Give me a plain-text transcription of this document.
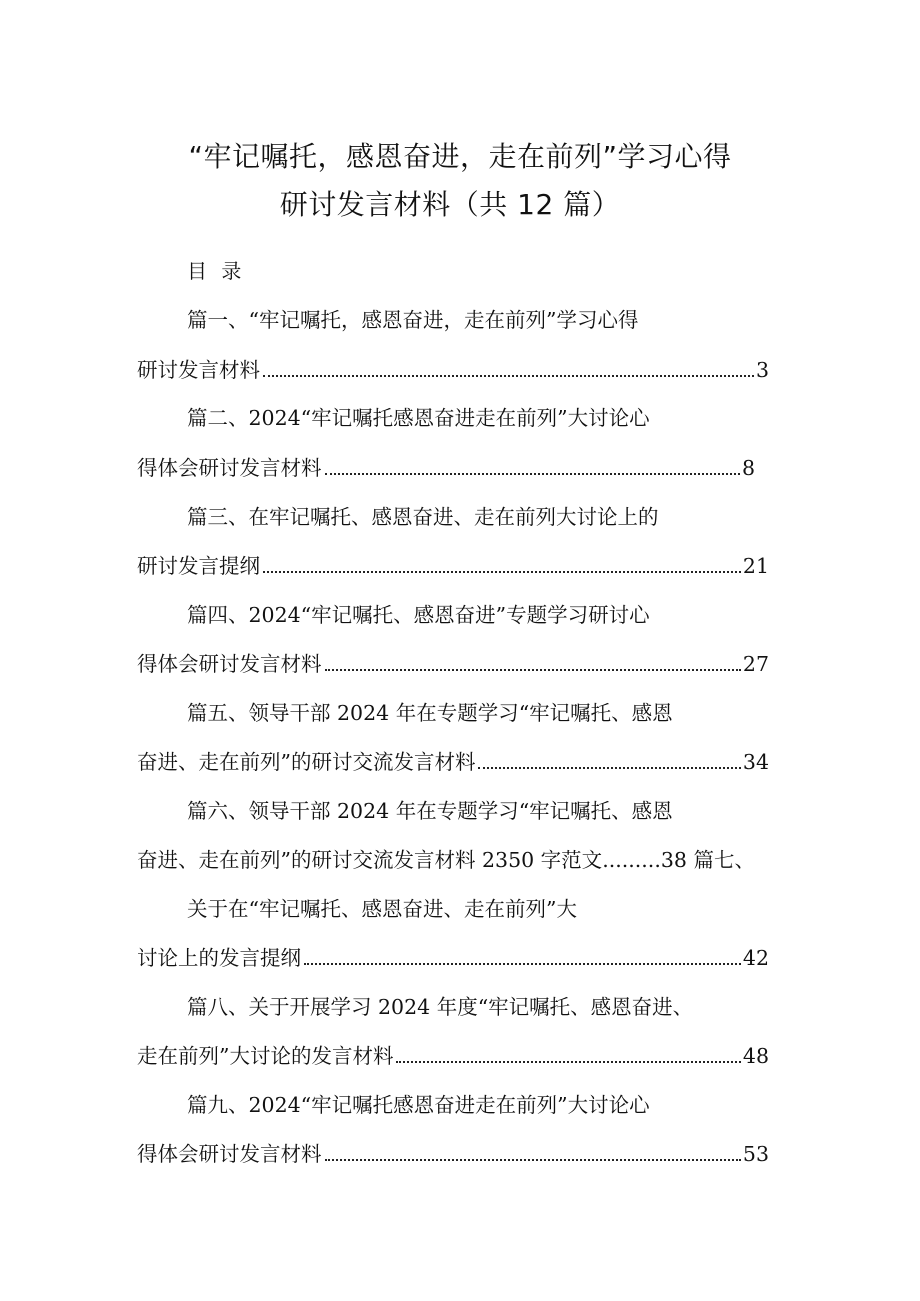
“牢记嘱托，感恩奋进，走在前列”学习心得
研讨发言材料（共 12 篇）
目 录
篇一、“牢记嘱托，感恩奋进，走在前列”学习心得
研讨发言材料	3
篇二、2024“牢记嘱托感恩奋进走在前列”大讨论心
得体会研讨发言材料	8
篇三、在牢记嘱托、感恩奋进、走在前列大讨论上的
研讨发言提纲	21
篇四、2024“牢记嘱托、感恩奋进”专题学习研讨心
得体会研讨发言材料	27
篇五、领导干部 2024 年在专题学习“牢记嘱托、感恩
奋进、走在前列”的研讨交流发言材料	34
篇六、领导干部 2024 年在专题学习“牢记嘱托、感恩
奋进、走在前列”的研讨交流发言材料 2350 字范文.........38 篇七、
关于在“牢记嘱托、感恩奋进、走在前列”大
讨论上的发言提纲	42
篇八、关于开展学习 2024 年度“牢记嘱托、感恩奋进、
走在前列”大讨论的发言材料	48
篇九、2024“牢记嘱托感恩奋进走在前列”大讨论心
得体会研讨发言材料	53
